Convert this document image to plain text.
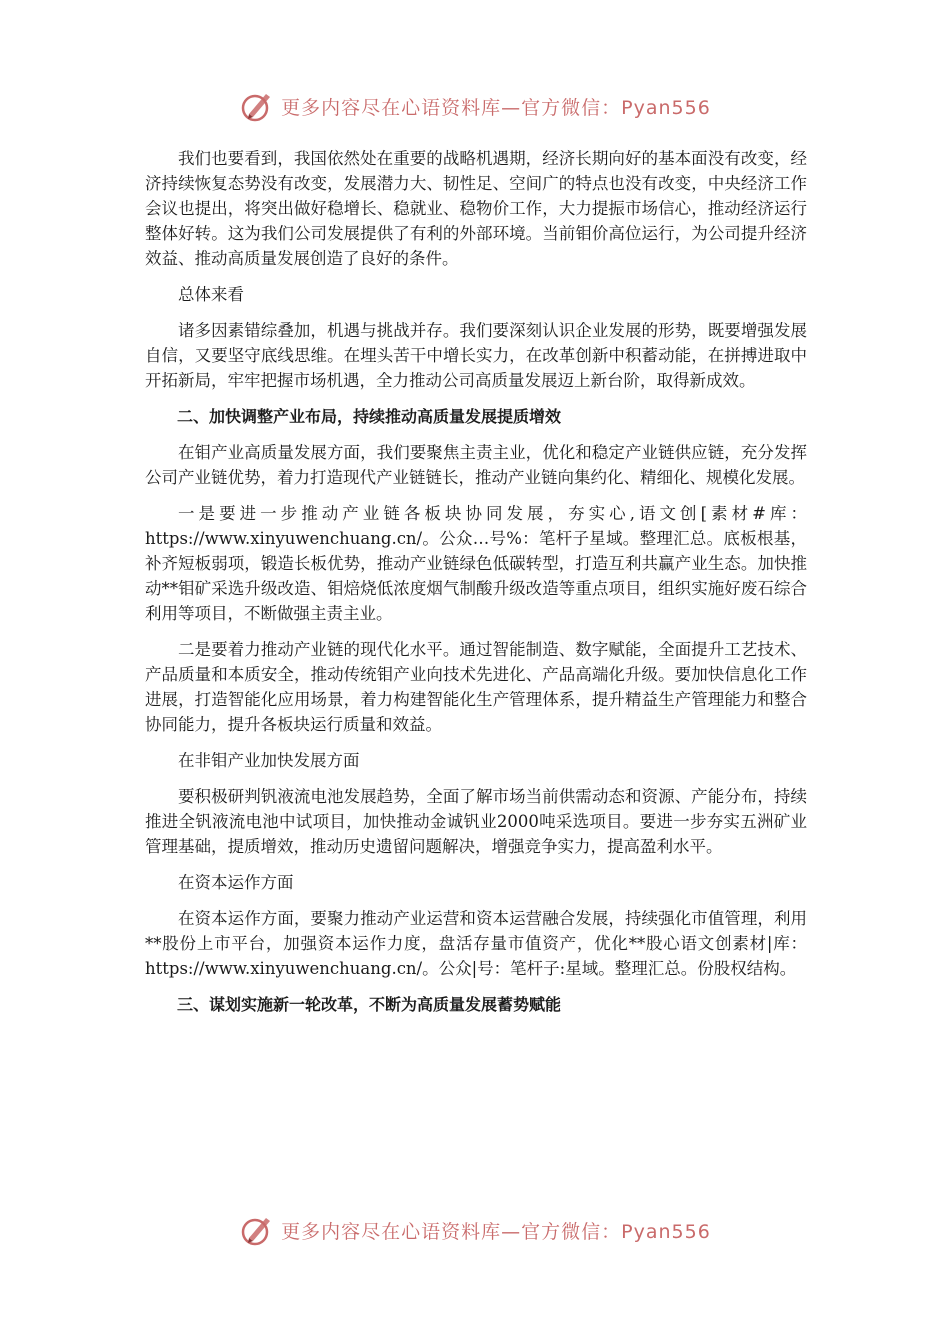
更多内容尽在心语资料库—官方微信：Pyan556

我们也要看到，我国依然处在重要的战略机遇期，经济长期向好的基本面没有改变，经济持续恢复态势没有改变，发展潜力大、韧性足、空间广的特点也没有改变，中央经济工作会议也提出，将突出做好稳增长、稳就业、稳物价工作，大力提振市场信心，推动经济运行整体好转。这为我们公司发展提供了有利的外部环境。当前钼价高位运行，为公司提升经济效益、推动高质量发展创造了良好的条件。

总体来看

诸多因素错综叠加，机遇与挑战并存。我们要深刻认识企业发展的形势，既要增强发展自信，又要坚守底线思维。在埋头苦干中增长实力，在改革创新中积蓄动能，在拼搏进取中开拓新局，牢牢把握市场机遇，全力推动公司高质量发展迈上新台阶，取得新成效。

二、加快调整产业布局，持续推动高质量发展提质增效

在钼产业高质量发展方面，我们要聚焦主责主业，优化和稳定产业链供应链，充分发挥公司产业链优势，着力打造现代产业链链长，推动产业链向集约化、精细化、规模化发展。

一是要进一步推动产业链各板块协同发展，夯实心,语文创[素材#库：https://www.xinyuwenchuang.cn/。公众…号%：笔杆子星域。整理汇总。底板根基，补齐短板弱项，锻造长板优势，推动产业链绿色低碳转型，打造互利共赢产业生态。加快推动**钼矿采选升级改造、钼焙烧低浓度烟气制酸升级改造等重点项目，组织实施好废石综合利用等项目，不断做强主责主业。

二是要着力推动产业链的现代化水平。通过智能制造、数字赋能，全面提升工艺技术、产品质量和本质安全，推动传统钼产业向技术先进化、产品高端化升级。要加快信息化工作进展，打造智能化应用场景，着力构建智能化生产管理体系，提升精益生产管理能力和整合协同能力，提升各板块运行质量和效益。

在非钼产业加快发展方面

要积极研判钒液流电池发展趋势，全面了解市场当前供需动态和资源、产能分布，持续推进全钒液流电池中试项目，加快推动金诚钒业2000吨采选项目。要进一步夯实五洲矿业管理基础，提质增效，推动历史遗留问题解决，增强竞争实力，提高盈利水平。

在资本运作方面

在资本运作方面，要聚力推动产业运营和资本运营融合发展，持续强化市值管理，利用**股份上市平台，加强资本运作力度，盘活存量市值资产，优化**股心语文创素材|库：https://www.xinyuwenchuang.cn/。公众|号：笔杆子:星域。整理汇总。份股权结构。

三、谋划实施新一轮改革，不断为高质量发展蓄势赋能

更多内容尽在心语资料库—官方微信：Pyan556
